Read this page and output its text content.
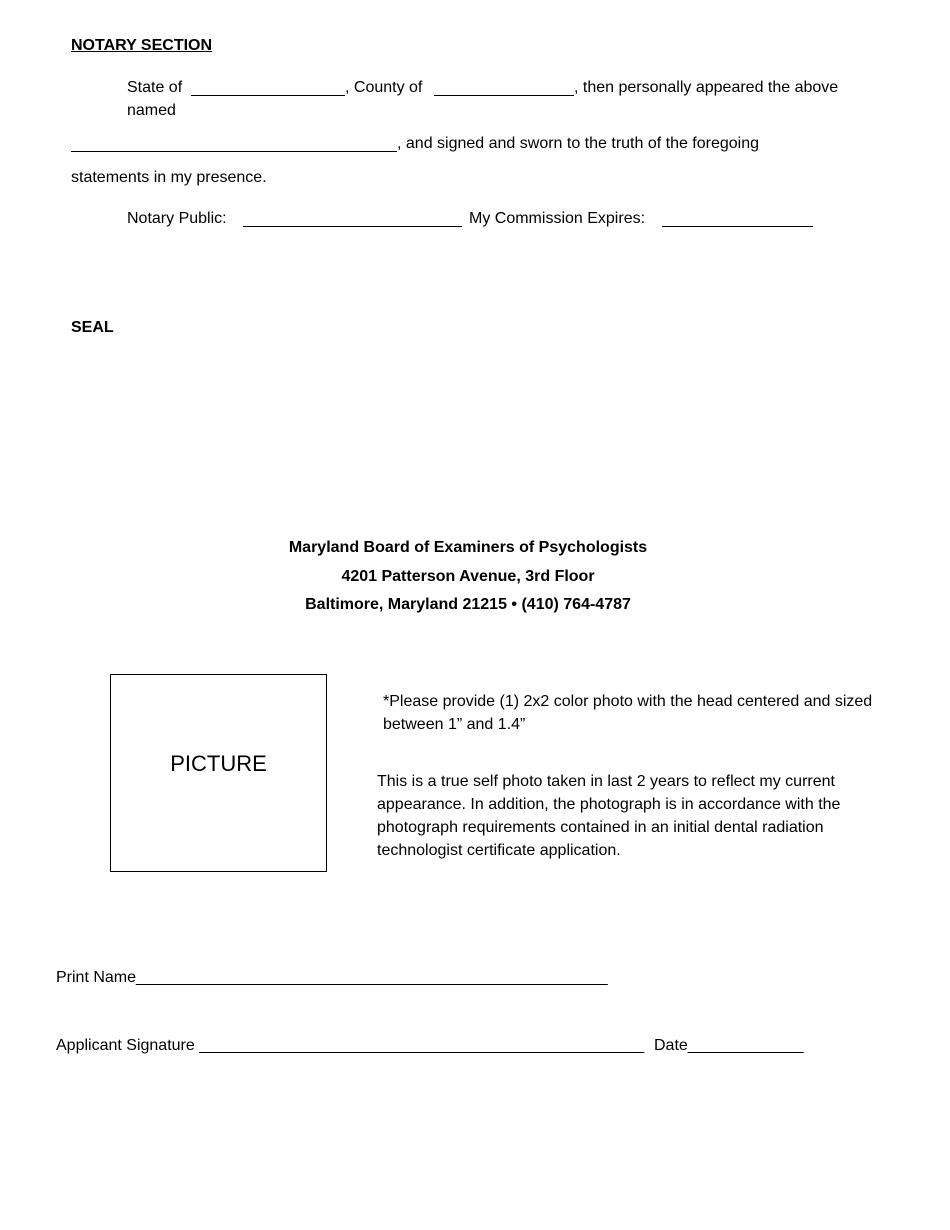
NOTARY SECTION
State of	, County of	, then personally appeared the above
named
, and signed and sworn to the truth of the foregoing
statements in my presence.
Notary Public:	My Commission Expires:
SEAL
Maryland Board of Examiners of Psychologists
4201 Patterson Avenue, 3rd Floor
Baltimore, Maryland 21215 • (410) 764-4787
PICTURE
*Please provide (1) 2x2 color photo with the head centered and sized between 1” and 1.4”
This is a true self photo taken in last 2 years to reflect my current appearance. In addition, the photograph is in accordance with the photograph requirements contained in an initial dental radiation technologist certificate application.
Print Name_____________________________________________________
Applicant Signature __________________________________________________ Date_____________
